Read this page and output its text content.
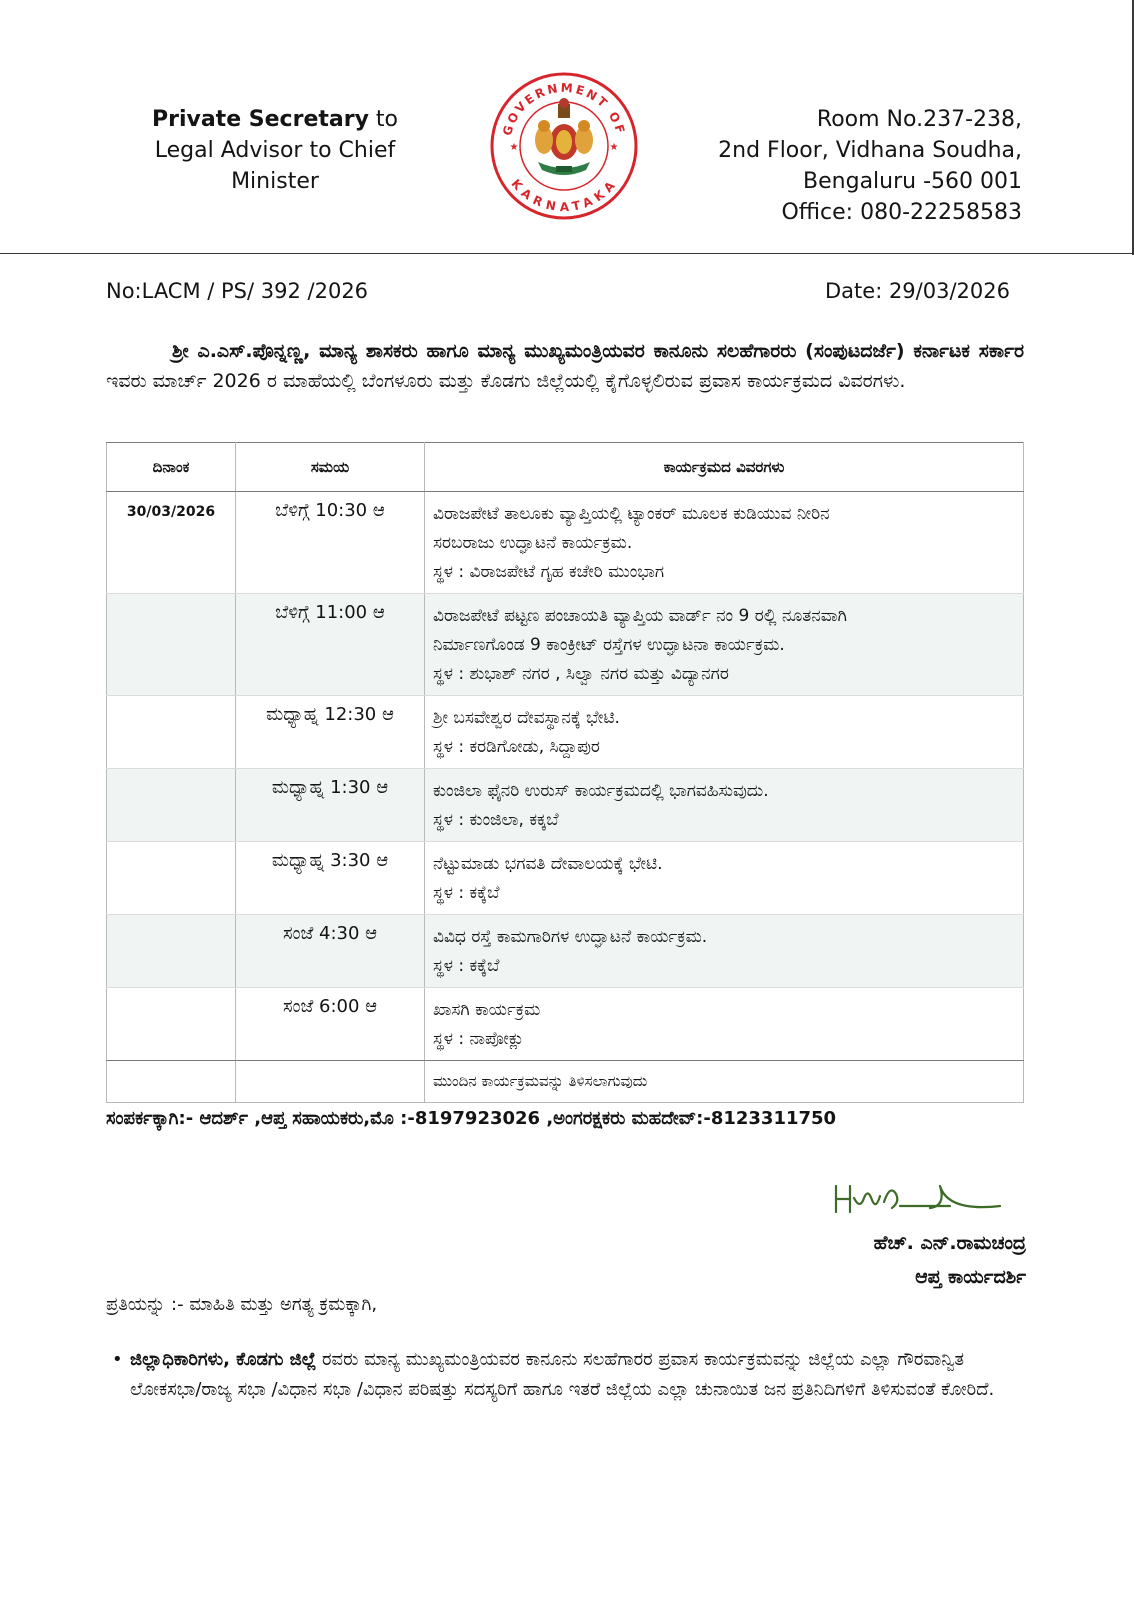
Private Secretary to
Legal Advisor to Chief Minister
GOVERNMENT OF
KARNATAKA
★	★
Room No.237-238,
2nd Floor, Vidhana Soudha,
Bengaluru -560 001
Office: 080-22258583
No:LACM / PS/ 392 /2026	Date: 29/03/2026
ಶ್ರೀ ಎ.ಎಸ್.ಪೊನ್ನಣ್ಣ, ಮಾನ್ಯ ಶಾಸಕರು ಹಾಗೂ ಮಾನ್ಯ ಮುಖ್ಯಮಂತ್ರಿಯವರ ಕಾನೂನು ಸಲಹೆಗಾರರು (ಸಂಪುಟದರ್ಜೆ) ಕರ್ನಾಟಕ ಸರ್ಕಾರ ಇವರು ಮಾರ್ಚ್ 2026 ರ ಮಾಹೆಯಲ್ಲಿ ಬೆಂಗಳೂರು ಮತ್ತು ಕೊಡಗು ಜಿಲ್ಲೆಯಲ್ಲಿ ಕೈಗೊಳ್ಳಲಿರುವ ಪ್ರವಾಸ ಕಾರ್ಯಕ್ರಮದ ವಿವರಗಳು.
ದಿನಾಂಕ	ಸಮಯ	ಕಾರ್ಯಕ್ರಮದ ವಿವರಗಳು
30/03/2026	ಬೆಳಿಗ್ಗೆ 10:30 ಆ	ವಿರಾಜಪೇಟೆ ತಾಲೂಕು ವ್ಯಾಪ್ತಿಯಲ್ಲಿ ಟ್ಯಾಂಕರ್ ಮೂಲಕ ಕುಡಿಯುವ ನೀರಿನ
ಸರಬರಾಜು ಉದ್ಘಾಟನೆ ಕಾರ್ಯಕ್ರಮ.
ಸ್ಥಳ : ವಿರಾಜಪೇಟೆ ಗೃಹ ಕಚೇರಿ ಮುಂಭಾಗ

	ಬೆಳಿಗ್ಗೆ 11:00 ಆ	ವಿರಾಜಪೇಟೆ ಪಟ್ಟಣ ಪಂಚಾಯತಿ ವ್ಯಾಪ್ತಿಯ ವಾರ್ಡ್ ನಂ 9 ರಲ್ಲಿ ನೂತನವಾಗಿ
ನಿರ್ಮಾಣಗೊಂಡ 9 ಕಾಂಕ್ರೀಟ್ ರಸ್ತೆಗಳ ಉದ್ಘಾಟನಾ ಕಾರ್ಯಕ್ರಮ.
ಸ್ಥಳ : ಶುಭಾಶ್ ನಗರ , ಸಿಲ್ವಾ ನಗರ ಮತ್ತು ವಿದ್ಯಾನಗರ

	ಮಧ್ಯಾಹ್ನ 12:30 ಆ	ಶ್ರೀ ಬಸವೇಶ್ವರ ದೇವಸ್ಥಾನಕ್ಕೆ ಭೇಟಿ.
ಸ್ಥಳ : ಕರಡಿಗೋಡು, ಸಿದ್ದಾಪುರ

	ಮಧ್ಯಾಹ್ನ 1:30 ಆ	ಕುಂಜಿಲಾ ಫೈನರಿ ಉರುಸ್ ಕಾರ್ಯಕ್ರಮದಲ್ಲಿ ಭಾಗವಹಿಸುವುದು.
ಸ್ಥಳ : ಕುಂಜಿಲಾ, ಕಕ್ಕಬೆ

	ಮಧ್ಯಾಹ್ನ 3:30 ಆ	ನೆಟ್ಟುಮಾಡು ಭಗವತಿ ದೇವಾಲಯಕ್ಕೆ ಭೇಟಿ.
ಸ್ಥಳ : ಕಕ್ಕೆಬೆ

	ಸಂಜೆ 4:30 ಆ	ವಿವಿಧ ರಸ್ತೆ ಕಾಮಗಾರಿಗಳ ಉದ್ಘಾಟನೆ ಕಾರ್ಯಕ್ರಮ.
ಸ್ಥಳ : ಕಕ್ಕೆಬೆ

	ಸಂಜೆ 6:00 ಆ	ಖಾಸಗಿ ಕಾರ್ಯಕ್ರಮ
ಸ್ಥಳ : ನಾಪೋಕ್ಲು

		ಮುಂದಿನ ಕಾರ್ಯಕ್ರಮವನ್ನು ತಿಳಿಸಲಾಗುವುದು
ಸಂಪರ್ಕಕ್ಕಾಗಿ:- ಆದರ್ಶ್ ,ಆಪ್ತ ಸಹಾಯಕರು,ಮೊ :-8197923026 ,ಅಂಗರಕ್ಷಕರು ಮಹದೇವ್:-8123311750
ಹೆಚ್. ಎನ್.ರಾಮಚಂದ್ರ
ಆಪ್ತ ಕಾರ್ಯದರ್ಶಿ
ಪ್ರತಿಯನ್ನು :- ಮಾಹಿತಿ ಮತ್ತು ಅಗತ್ಯ ಕ್ರಮಕ್ಕಾಗಿ,
• ಜಿಲ್ಲಾಧಿಕಾರಿಗಳು, ಕೊಡಗು ಜಿಲ್ಲೆ ರವರು ಮಾನ್ಯ ಮುಖ್ಯಮಂತ್ರಿಯವರ ಕಾನೂನು ಸಲಹೆಗಾರರ ಪ್ರವಾಸ ಕಾರ್ಯಕ್ರಮವನ್ನು ಜಿಲ್ಲೆಯ ಎಲ್ಲಾ ಗೌರವಾನ್ವಿತ ಲೋಕಸಭಾ/ರಾಜ್ಯ ಸಭಾ /ವಿಧಾನ ಸಭಾ /ವಿಧಾನ ಪರಿಷತ್ತು ಸದಸ್ಯರಿಗೆ ಹಾಗೂ ಇತರೆ ಜಿಲ್ಲೆಯ ಎಲ್ಲಾ ಚುನಾಯಿತ ಜನ ಪ್ರತಿನಿದಿಗಳಿಗೆ ತಿಳಿಸುವಂತೆ ಕೋರಿದೆ.
